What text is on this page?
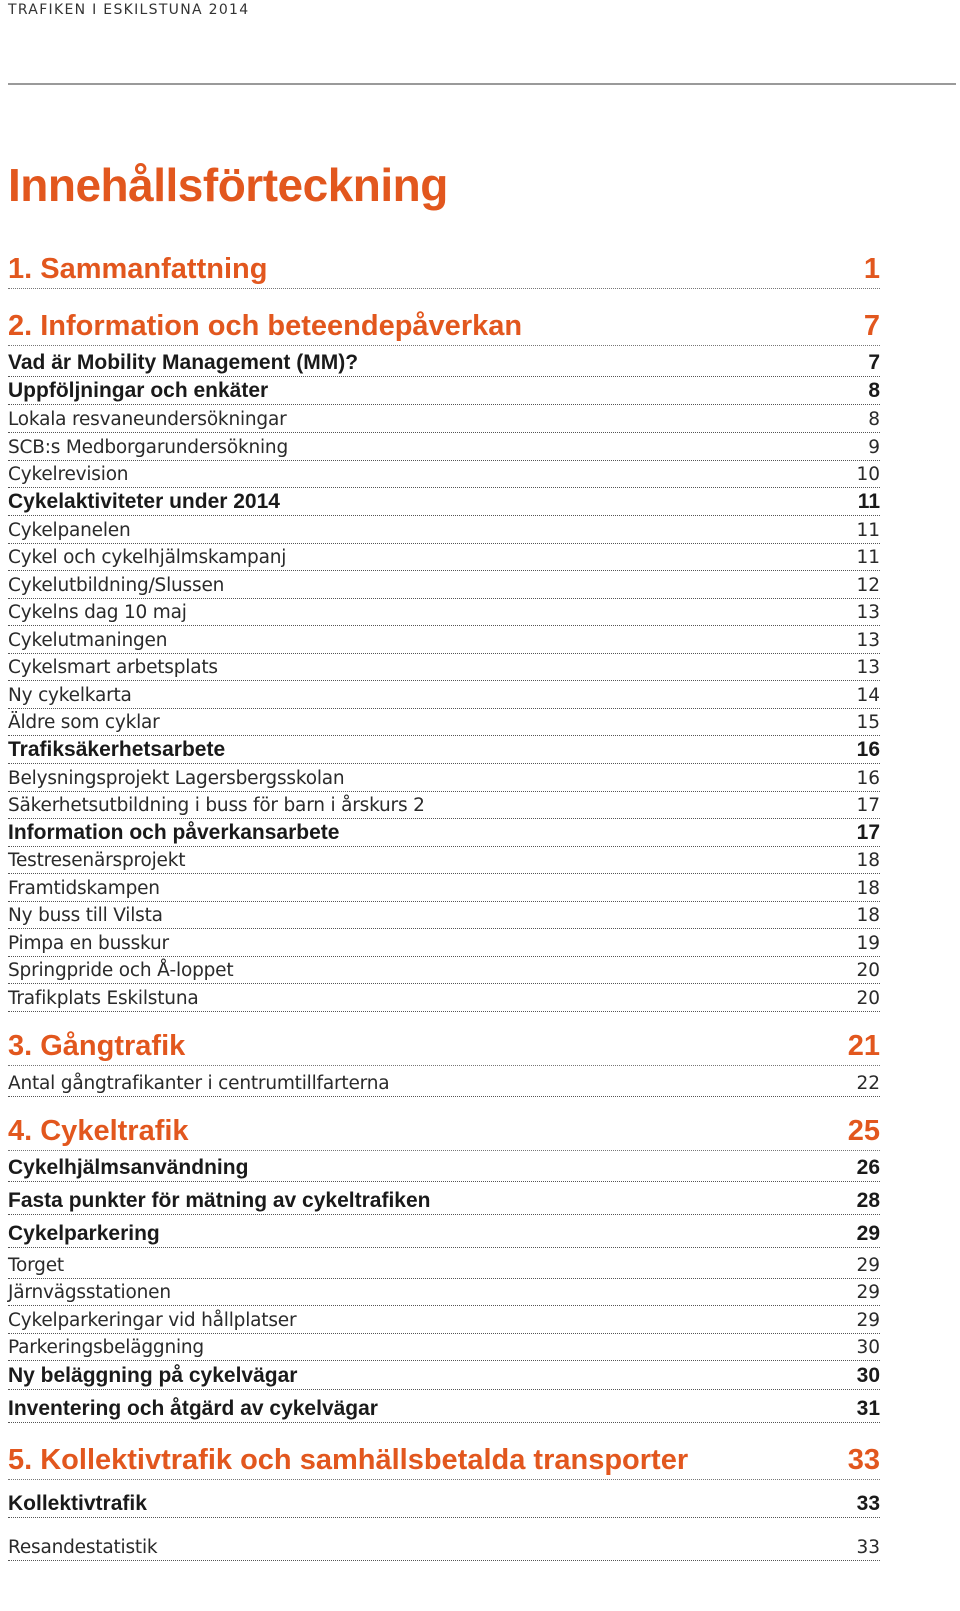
TRAFIKEN I ESKILSTUNA 2014
Innehållsförteckning
1. Sammanfattning	1
2. Information och beteendepåverkan	7
Vad är Mobility Management (MM)?	7
Uppföljningar och enkäter	8
Lokala resvaneundersökningar	8
SCB:s Medborgarundersökning	9
Cykelrevision	10
Cykelaktiviteter under 2014	11
Cykelpanelen	11
Cykel och cykelhjälmskampanj	11
Cykelutbildning/Slussen	12
Cykelns dag 10 maj	13
Cykelutmaningen	13
Cykelsmart arbetsplats	13
Ny cykelkarta	14
Äldre som cyklar	15
Trafiksäkerhetsarbete	16
Belysningsprojekt Lagersbergsskolan	16
Säkerhetsutbildning i buss för barn i årskurs 2	17
Information och påverkansarbete	17
Testresenärsprojekt	18
Framtidskampen	18
Ny buss till Vilsta	18
Pimpa en busskur	19
Springpride och Å-loppet	20
Trafikplats Eskilstuna	20
3. Gångtrafik	21
Antal gångtrafikanter i centrumtillfarterna	22
4. Cykeltrafik	25
Cykelhjälmsanvändning	26
Fasta punkter för mätning av cykeltrafiken	28
Cykelparkering	29
Torget	29
Järnvägsstationen	29
Cykelparkeringar vid hållplatser	29
Parkeringsbeläggning	30
Ny beläggning på cykelvägar	30
Inventering och åtgärd av cykelvägar	31
5. Kollektivtrafik och samhällsbetalda transporter	33
Kollektivtrafik	33
Resandestatistik	33
